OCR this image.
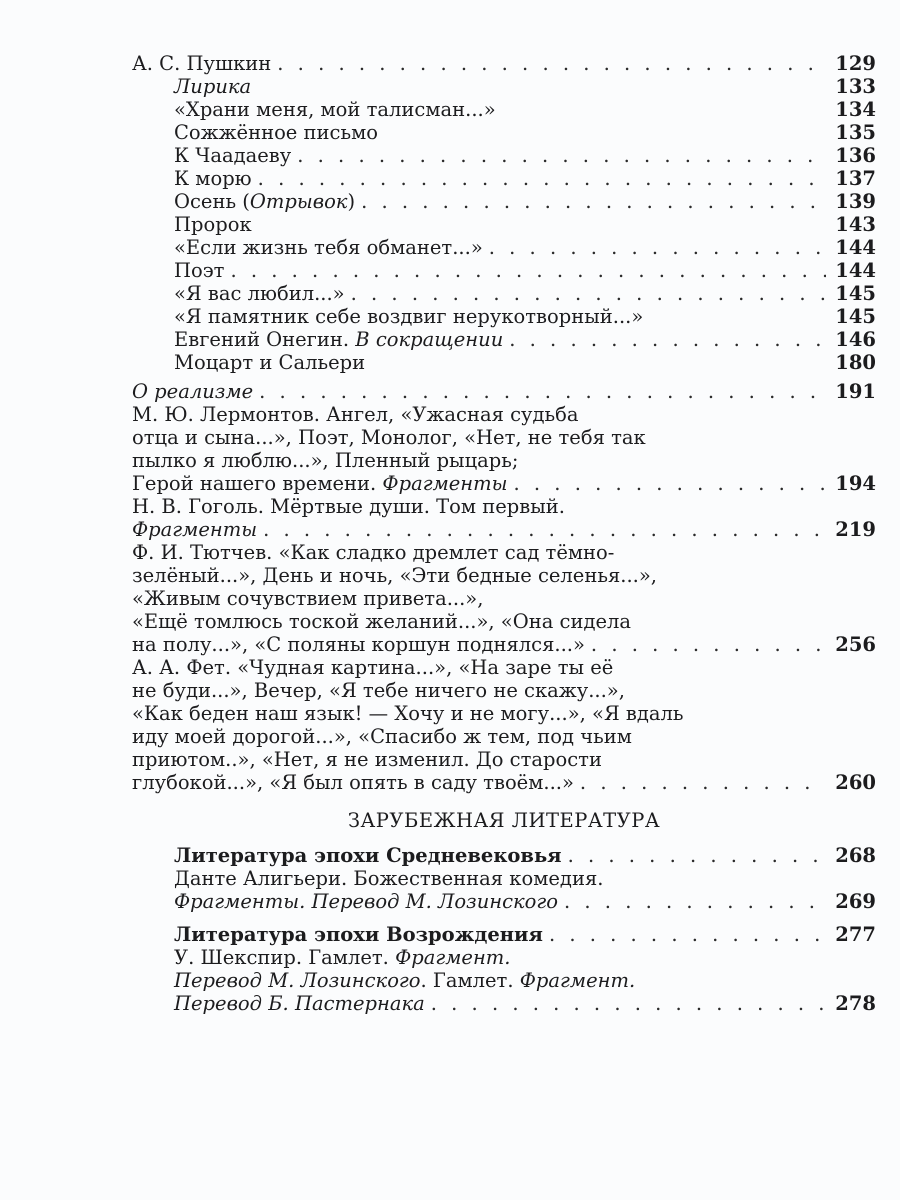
А. С. Пушкин . . .	129
Лирика	133
«Храни меня, мой талисман...»	134
Сожжённое письмо	135
К Чаадаеву . . .	136
К морю . . .	137
Осень (Отрывок) . . .	139
Пророк	143
«Если жизнь тебя обманет...» . . .	144
Поэт . . .	144
«Я вас любил...» . . .	145
«Я памятник себе воздвиг нерукотворный...»	145
Евгений Онегин. В сокращении . . .	146
Моцарт и Сальери	180
О реализме . . .	191
М. Ю. Лермонтов. Ангел, «Ужасная судьба
отца и сына...», Поэт, Монолог, «Нет, не тебя так
пылко я люблю...», Пленный рыцарь;
Герой нашего времени. Фрагменты . . .	194
Н. В. Гоголь. Мёртвые души. Том первый.
Фрагменты . . .	219
Ф. И. Тютчев. «Как сладко дремлет сад тёмно-
зелёный...», День и ночь, «Эти бедные селенья...»,
«Живым сочувствием привета...»,
«Ещё томлюсь тоской желаний...», «Она сидела
на полу...», «С поляны коршун поднялся...» . . .	256
А. А. Фет. «Чудная картина...», «На заре ты её
не буди...», Вечер, «Я тебе ничего не скажу...»,
«Как беден наш язык! — Хочу и не могу...», «Я вдаль
иду моей дорогой...», «Спасибо ж тем, под чьим
приютом..», «Нет, я не изменил. До старости
глубокой...», «Я был опять в саду твоём...» . . .	260
ЗАРУБЕЖНАЯ ЛИТЕРАТУРА
Литература эпохи Средневековья . . .	268
Данте Алигьери. Божественная комедия.
Фрагменты. Перевод М. Лозинского . . .	269
Литература эпохи Возрождения . . .	277
У. Шекспир. Гамлет. Фрагмент.
Перевод М. Лозинского. Гамлет. Фрагмент.
Перевод Б. Пастернака . . .	278
